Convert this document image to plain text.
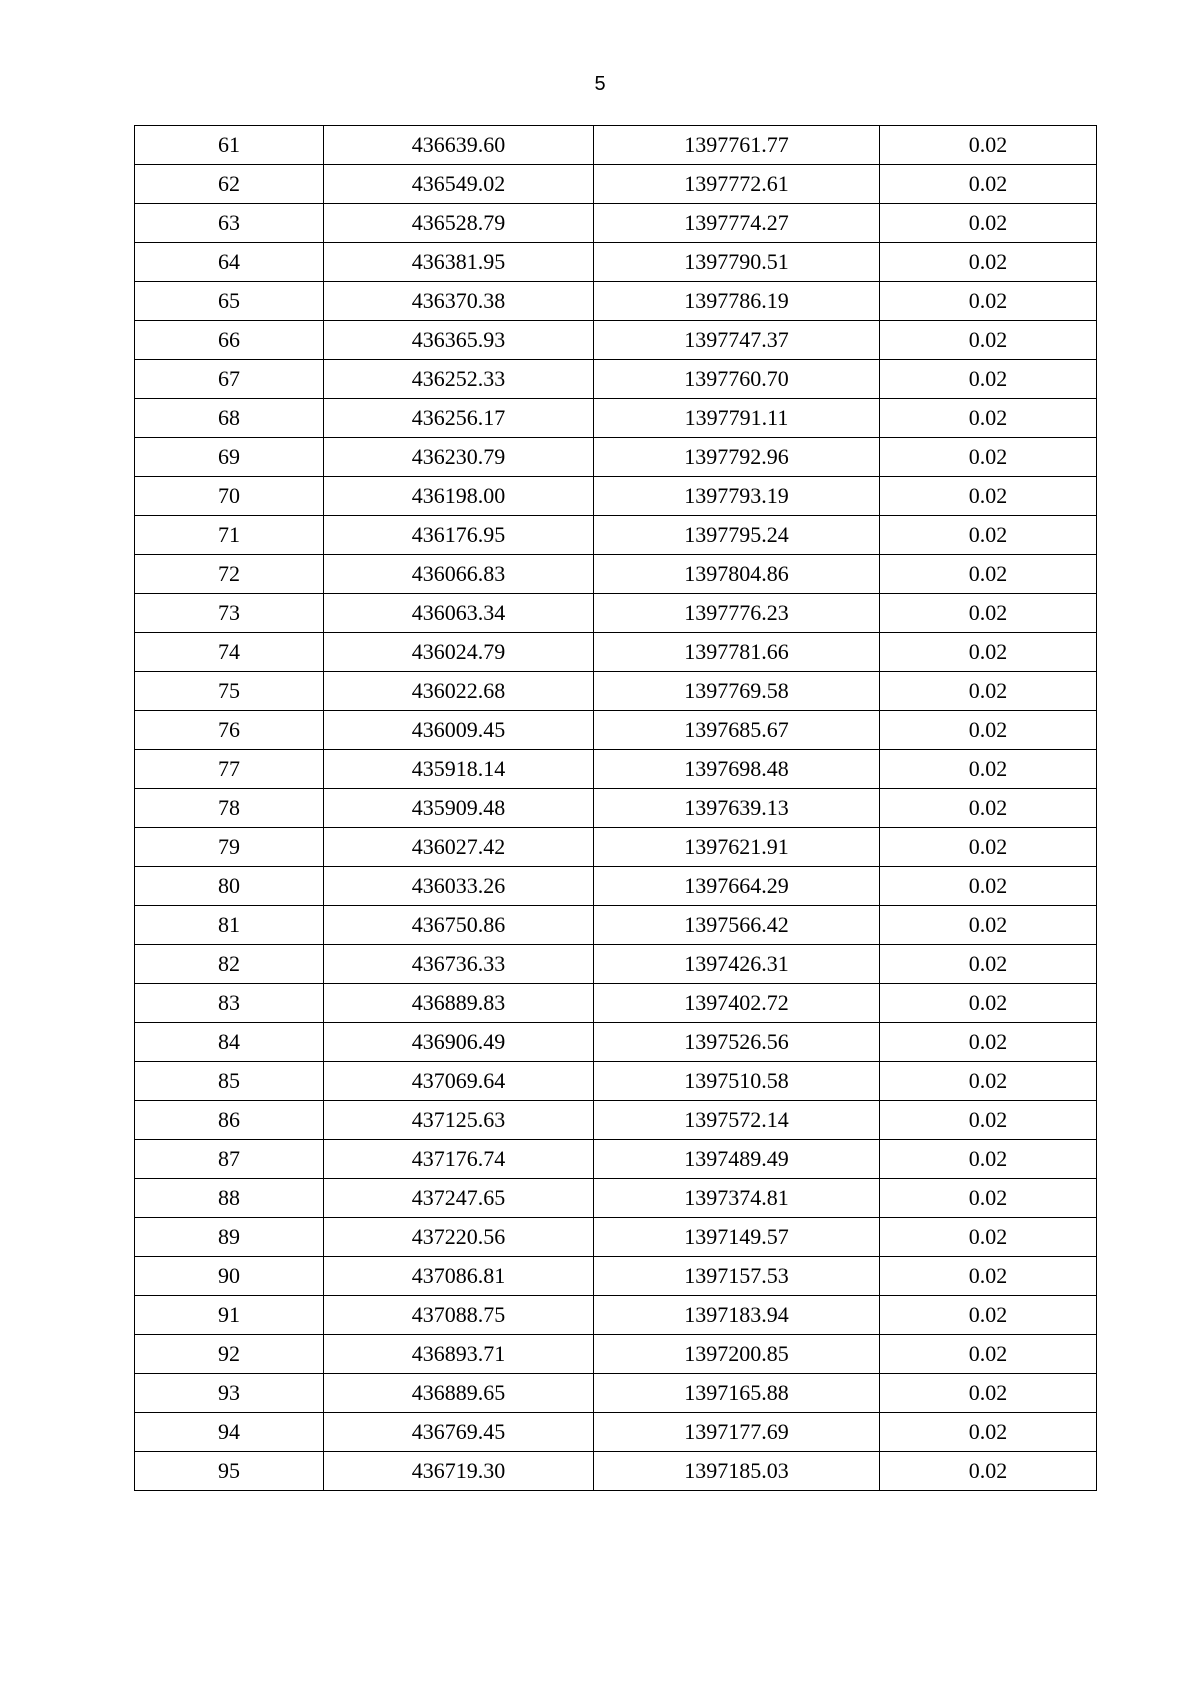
5
61	436639.60	1397761.77	0.02
62	436549.02	1397772.61	0.02
63	436528.79	1397774.27	0.02
64	436381.95	1397790.51	0.02
65	436370.38	1397786.19	0.02
66	436365.93	1397747.37	0.02
67	436252.33	1397760.70	0.02
68	436256.17	1397791.11	0.02
69	436230.79	1397792.96	0.02
70	436198.00	1397793.19	0.02
71	436176.95	1397795.24	0.02
72	436066.83	1397804.86	0.02
73	436063.34	1397776.23	0.02
74	436024.79	1397781.66	0.02
75	436022.68	1397769.58	0.02
76	436009.45	1397685.67	0.02
77	435918.14	1397698.48	0.02
78	435909.48	1397639.13	0.02
79	436027.42	1397621.91	0.02
80	436033.26	1397664.29	0.02
81	436750.86	1397566.42	0.02
82	436736.33	1397426.31	0.02
83	436889.83	1397402.72	0.02
84	436906.49	1397526.56	0.02
85	437069.64	1397510.58	0.02
86	437125.63	1397572.14	0.02
87	437176.74	1397489.49	0.02
88	437247.65	1397374.81	0.02
89	437220.56	1397149.57	0.02
90	437086.81	1397157.53	0.02
91	437088.75	1397183.94	0.02
92	436893.71	1397200.85	0.02
93	436889.65	1397165.88	0.02
94	436769.45	1397177.69	0.02
95	436719.30	1397185.03	0.02
